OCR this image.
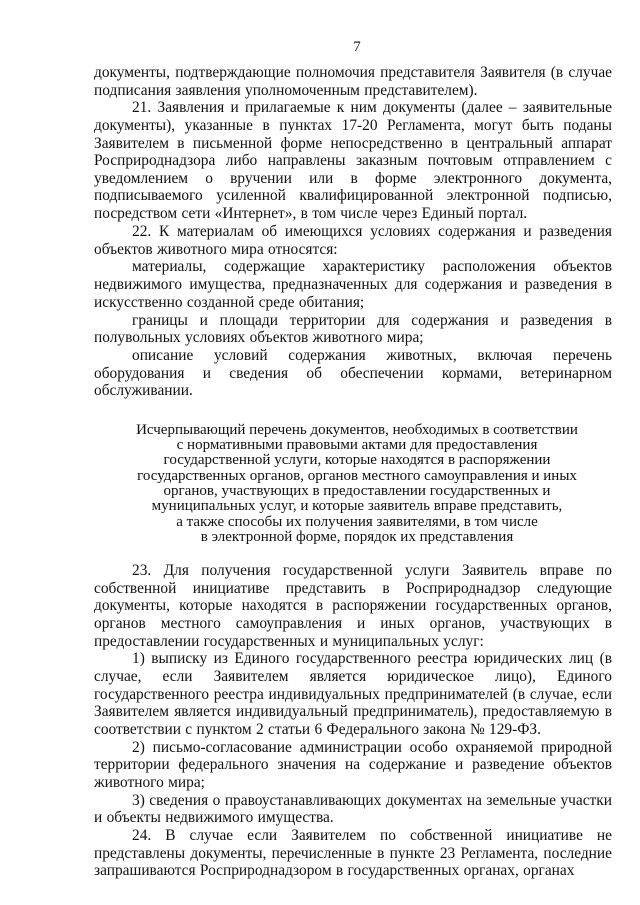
7

документы, подтверждающие полномочия представителя Заявителя (в случае подписания заявления уполномоченным представителем).

21. Заявления и прилагаемые к ним документы (далее – заявительные документы), указанные в пунктах 17-20 Регламента, могут быть поданы Заявителем в письменной форме непосредственно в центральный аппарат Росприроднадзора либо направлены заказным почтовым отправлением с уведомлением о вручении или в форме электронного документа, подписываемого усиленной квалифицированной электронной подписью, посредством сети «Интернет», в том числе через Единый портал.

22. К материалам об имеющихся условиях содержания и разведения объектов животного мира относятся:

материалы, содержащие характеристику расположения объектов недвижимого имущества, предназначенных для содержания и разведения в искусственно созданной среде обитания;

границы и площади территории для содержания и разведения в полувольных условиях объектов животного мира;

описание условий содержания животных, включая перечень оборудования и сведения об обеспечении кормами, ветеринарном обслуживании.

Исчерпывающий перечень документов, необходимых в соответствии
с нормативными правовыми актами для предоставления
государственной услуги, которые находятся в распоряжении
государственных органов, органов местного самоуправления и иных
органов, участвующих в предоставлении государственных и
муниципальных услуг, и которые заявитель вправе представить,
а также способы их получения заявителями, в том числе
в электронной форме, порядок их представления

23. Для получения государственной услуги Заявитель вправе по собственной инициативе представить в Росприроднадзор следующие документы, которые находятся в распоряжении государственных органов, органов местного самоуправления и иных органов, участвующих в предоставлении государственных и муниципальных услуг:

1) выписку из Единого государственного реестра юридических лиц (в случае, если Заявителем является юридическое лицо), Единого государственного реестра индивидуальных предпринимателей (в случае, если Заявителем является индивидуальный предприниматель), предоставляемую в соответствии с пунктом 2 статьи 6 Федерального закона № 129-ФЗ.

2) письмо-согласование администрации особо охраняемой природной территории федерального значения на содержание и разведение объектов животного мира;

3) сведения о правоустанавливающих документах на земельные участки и объекты недвижимого имущества.

24. В случае если Заявителем по собственной инициативе не представлены документы, перечисленные в пункте 23 Регламента, последние запрашиваются Росприроднадзором в государственных органах, органах
